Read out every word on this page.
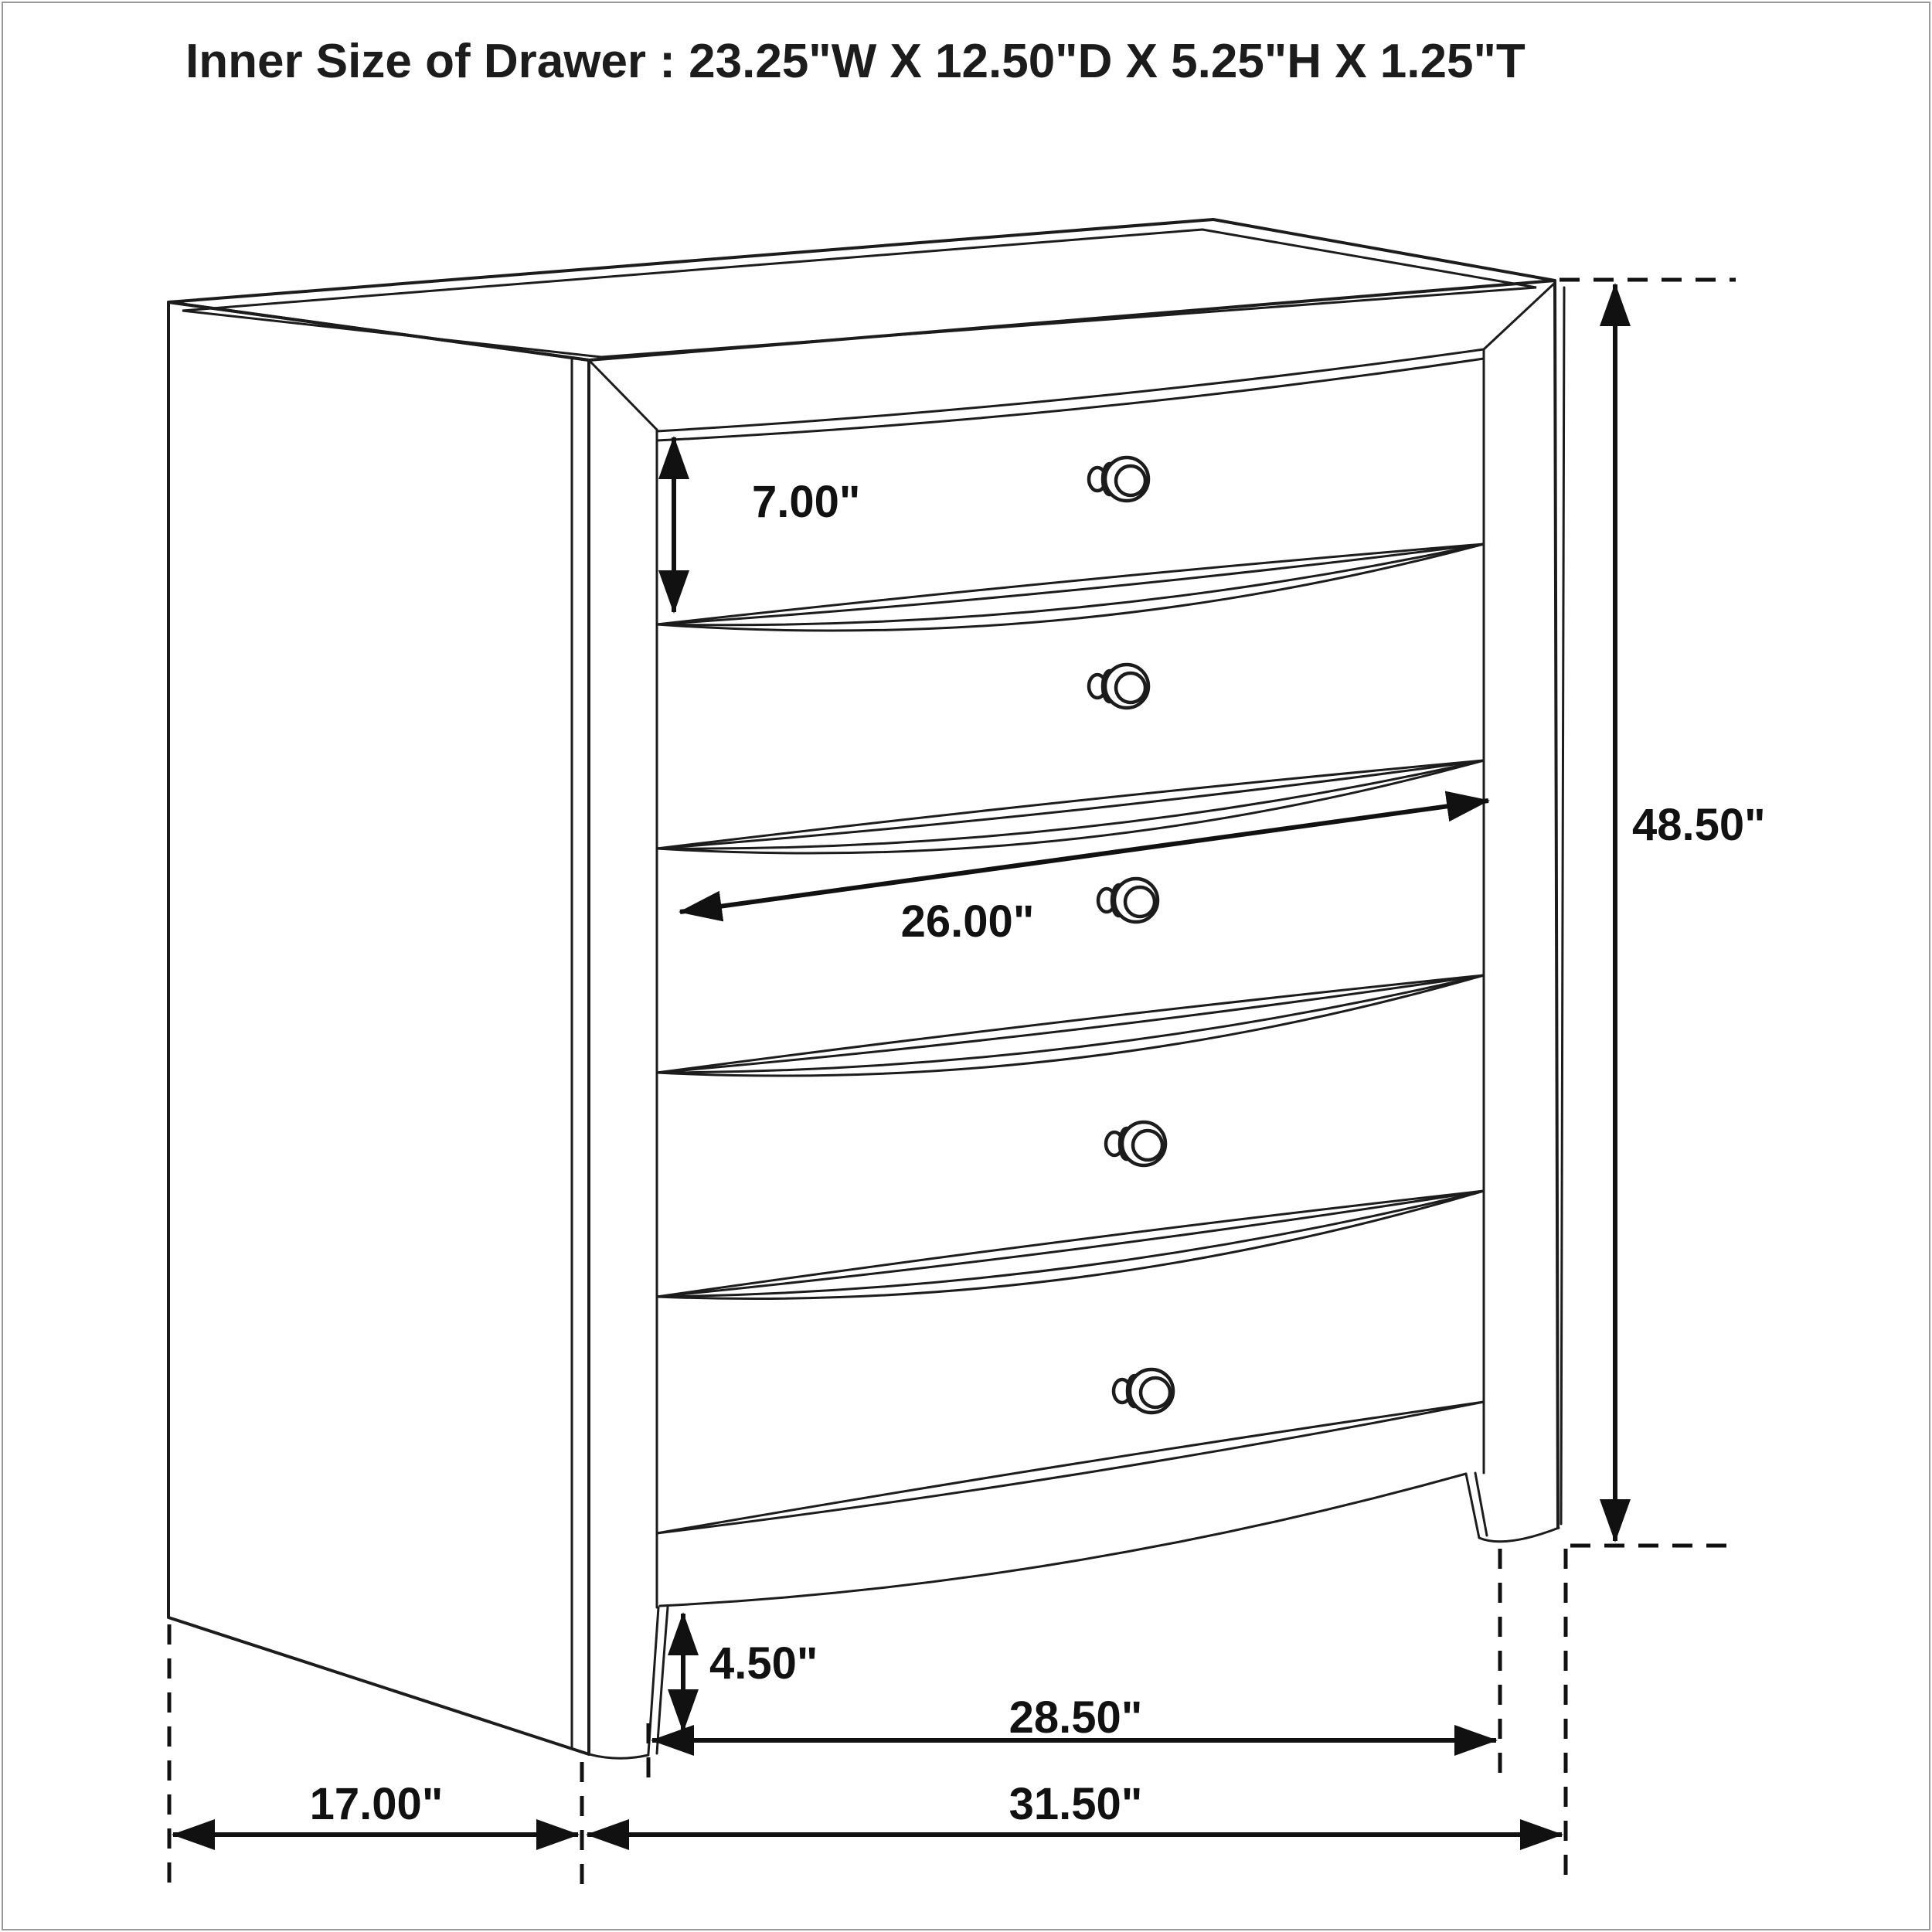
Inner Size of Drawer : 23.25"W X 12.50"D X 5.25"H X 1.25"T
7.00"
26.00"
48.50"
4.50"
28.50"
31.50"
17.00"
